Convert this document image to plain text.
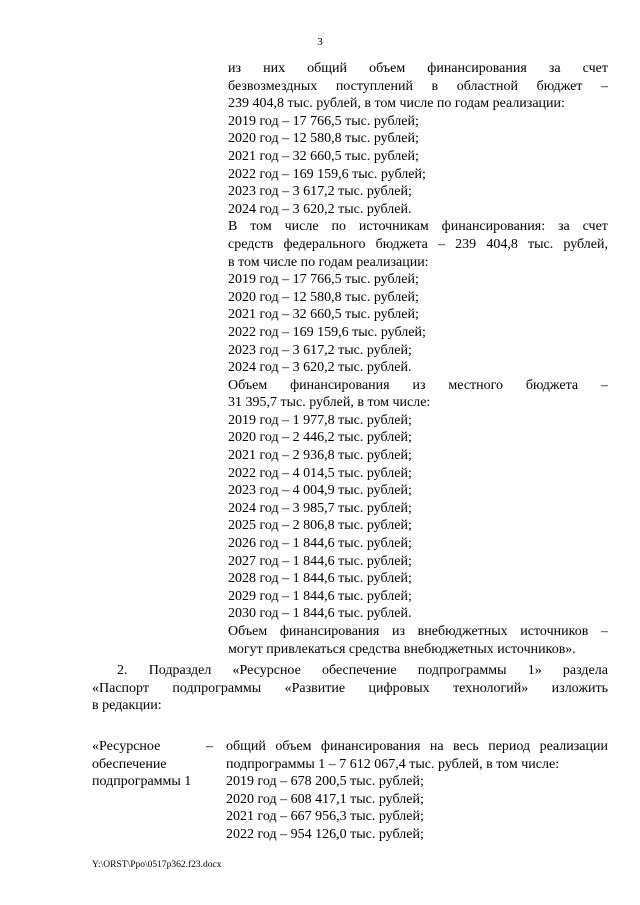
3
из них общий объем финансирования за счет
безвозмездных поступлений в областной бюджет –
239 404,8 тыс. рублей, в том числе по годам реализации:
2019 год – 17 766,5 тыс. рублей;
2020 год – 12 580,8 тыс. рублей;
2021 год – 32 660,5 тыс. рублей;
2022 год – 169 159,6 тыс. рублей;
2023 год – 3 617,2 тыс. рублей;
2024 год – 3 620,2 тыс. рублей.
В том числе по источникам финансирования: за счет
средств федерального бюджета – 239 404,8 тыс. рублей,
в том числе по годам реализации:
2019 год – 17 766,5 тыс. рублей;
2020 год – 12 580,8 тыс. рублей;
2021 год – 32 660,5 тыс. рублей;
2022 год – 169 159,6 тыс. рублей;
2023 год – 3 617,2 тыс. рублей;
2024 год – 3 620,2 тыс. рублей.
Объем финансирования из местного бюджета –
31 395,7 тыс. рублей, в том числе:
2019 год – 1 977,8 тыс. рублей;
2020 год – 2 446,2 тыс. рублей;
2021 год – 2 936,8 тыс. рублей;
2022 год – 4 014,5 тыс. рублей;
2023 год – 4 004,9 тыс. рублей;
2024 год – 3 985,7 тыс. рублей;
2025 год – 2 806,8 тыс. рублей;
2026 год – 1 844,6 тыс. рублей;
2027 год – 1 844,6 тыс. рублей;
2028 год – 1 844,6 тыс. рублей;
2029 год – 1 844,6 тыс. рублей;
2030 год – 1 844,6 тыс. рублей.
Объем финансирования из внебюджетных источников –
могут привлекаться средства внебюджетных источников».
2. Подраздел «Ресурсное обеспечение подпрограммы 1» раздела
«Паспорт подпрограммы «Развитие цифровых технологий» изложить
в редакции:
«Ресурсное
обеспечение
подпрограммы 1
– общий объем финансирования на весь период реализации
подпрограммы 1 – 7 612 067,4 тыс. рублей, в том числе:
2019 год – 678 200,5 тыс. рублей;
2020 год – 608 417,1 тыс. рублей;
2021 год – 667 956,3 тыс. рублей;
2022 год – 954 126,0 тыс. рублей;
Y:\ORST\Ppo\0517p362.f23.docx
